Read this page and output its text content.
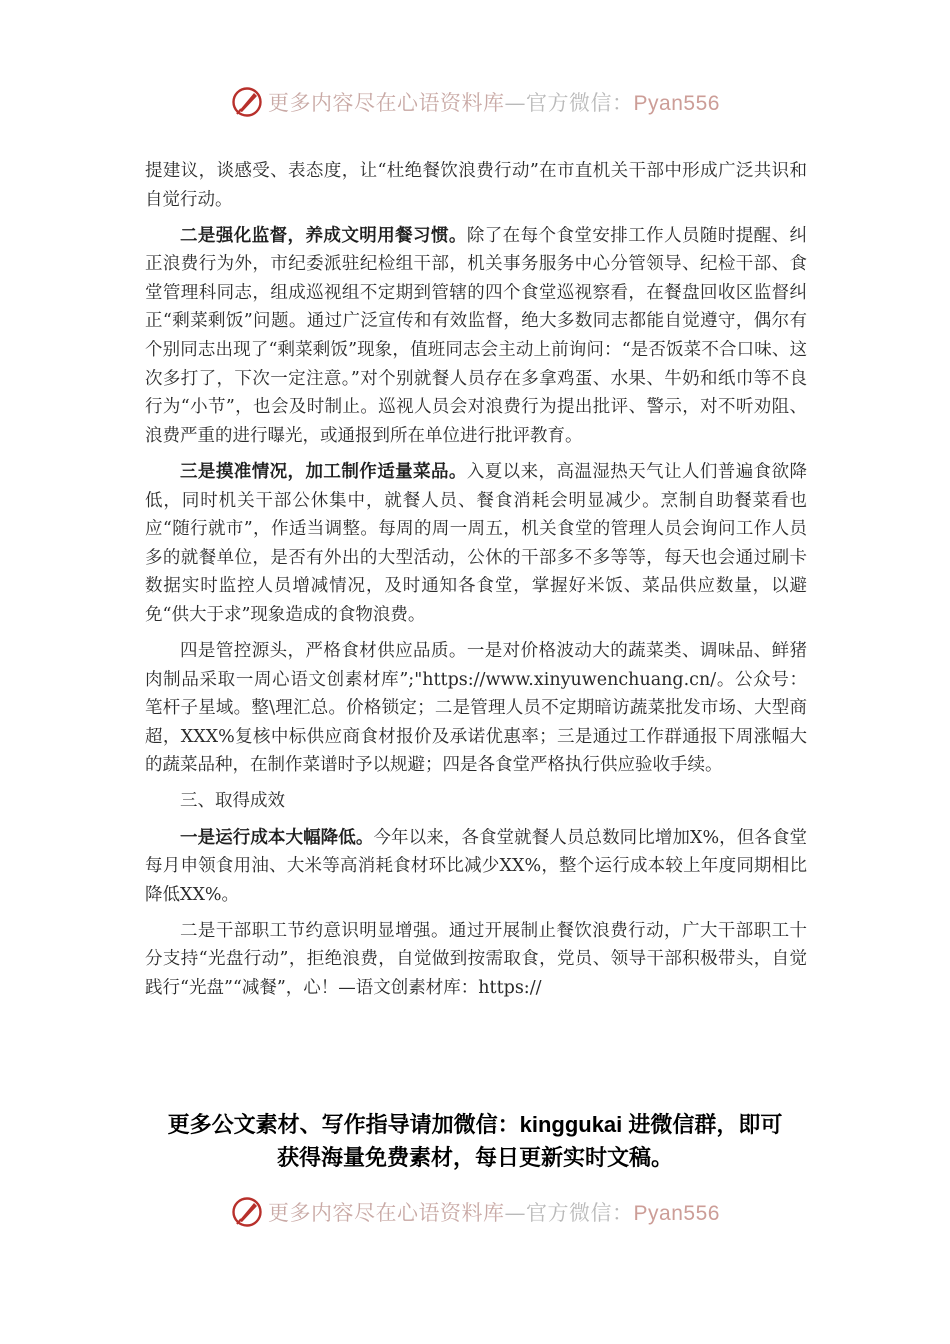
更多内容尽在心语资料库—官方微信：Pyan556

提建议，谈感受、表态度，让“杜绝餐饮浪费行动”在市直机关干部中形成广泛共识和自觉行动。

二是强化监督，养成文明用餐习惯。除了在每个食堂安排工作人员随时提醒、纠正浪费行为外，市纪委派驻纪检组干部，机关事务服务中心分管领导、纪检干部、食堂管理科同志，组成巡视组不定期到管辖的四个食堂巡视察看，在餐盘回收区监督纠正“剩菜剩饭”问题。通过广泛宣传和有效监督，绝大多数同志都能自觉遵守，偶尔有个别同志出现了“剩菜剩饭”现象，值班同志会主动上前询问：“是否饭菜不合口味、这次多打了，下次一定注意。”对个别就餐人员存在多拿鸡蛋、水果、牛奶和纸巾等不良行为“小节”，也会及时制止。巡视人员会对浪费行为提出批评、警示，对不听劝阻、浪费严重的进行曝光，或通报到所在单位进行批评教育。

三是摸准情况，加工制作适量菜品。入夏以来，高温湿热天气让人们普遍食欲降低，同时机关干部公休集中，就餐人员、餐食消耗会明显减少。烹制自助餐菜看也应“随行就市”，作适当调整。每周的周一周五，机关食堂的管理人员会询问工作人员多的就餐单位，是否有外出的大型活动，公休的干部多不多等等，每天也会通过刷卡数据实时监控人员增减情况，及时通知各食堂，掌握好米饭、菜品供应数量，以避免“供大于求”现象造成的食物浪费。

四是管控源头，严格食材供应品质。一是对价格波动大的蔬菜类、调味品、鲜猪肉制品采取一周心语文创素材库”;"https://www.xinyuwenchuang.cn/。公众号：笔杆子星域。整\理汇总。价格锁定；二是管理人员不定期暗访蔬菜批发市场、大型商超，XXX%复核中标供应商食材报价及承诺优惠率；三是通过工作群通报下周涨幅大的蔬菜品种，在制作菜谱时予以规避；四是各食堂严格执行供应验收手续。

三、取得成效

一是运行成本大幅降低。今年以来，各食堂就餐人员总数同比增加X%，但各食堂每月申领食用油、大米等高消耗食材环比减少XX%，整个运行成本较上年度同期相比降低XX%。

二是干部职工节约意识明显增强。通过开展制止餐饮浪费行动，广大干部职工十分支持“光盘行动”，拒绝浪费，自觉做到按需取食，党员、领导干部积极带头，自觉践行“光盘”“减餐”，心！—语文创素材库：https://

更多公文素材、写作指导请加微信：kinggukai 进微信群，即可
获得海量免费素材，每日更新实时文稿。
更多内容尽在心语资料库—官方微信：Pyan556
